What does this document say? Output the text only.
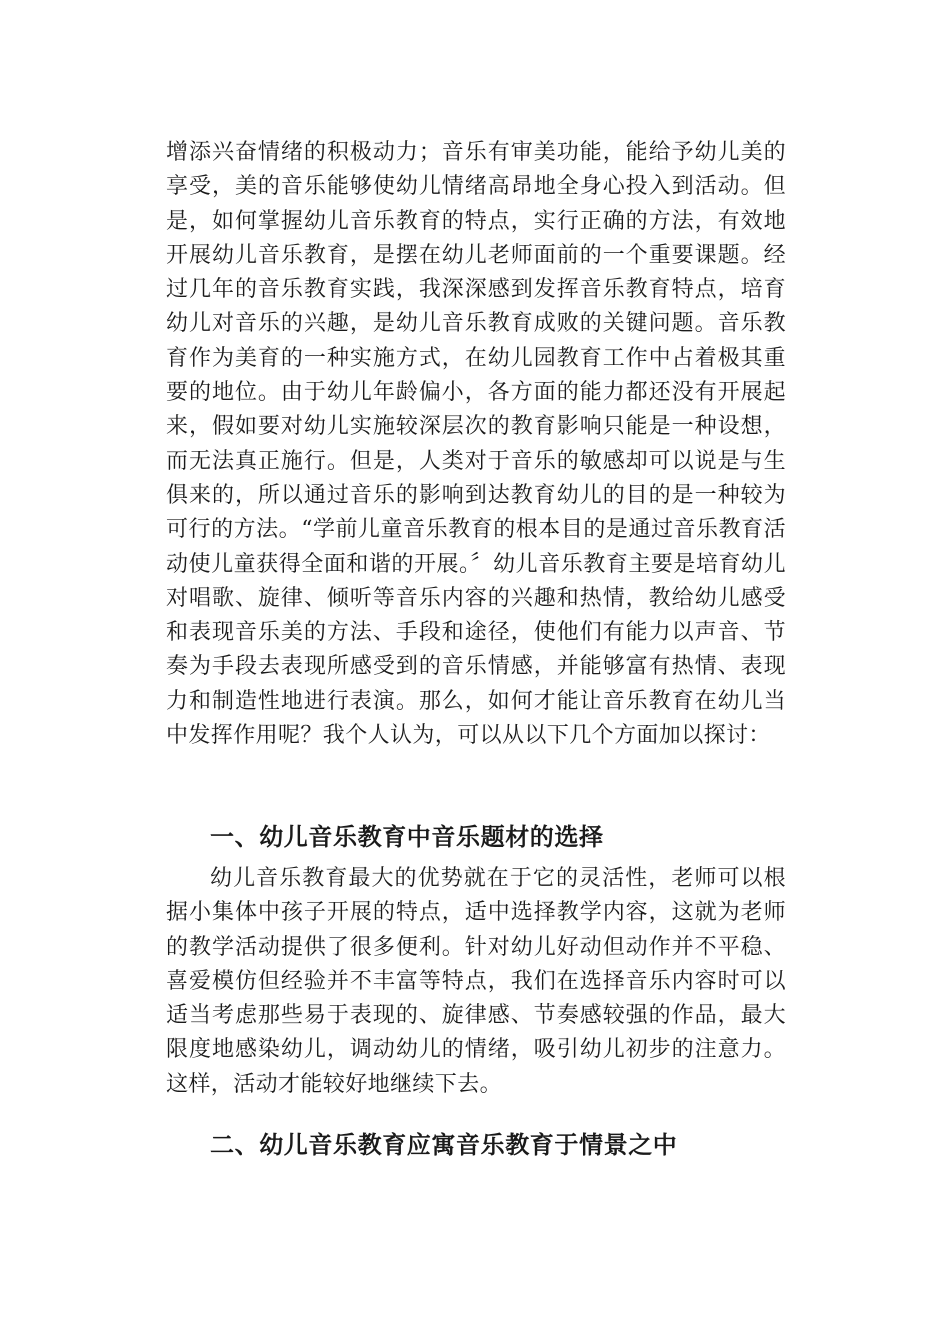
增添兴奋情绪的积极动力；音乐有审美功能，能给予幼儿美的享受，美的音乐能够使幼儿情绪高昂地全身心投入到活动。但是，如何掌握幼儿音乐教育的特点，实行正确的方法，有效地开展幼儿音乐教育，是摆在幼儿老师面前的一个重要课题。经过几年的音乐教育实践，我深深感到发挥音乐教育特点，培育幼儿对音乐的兴趣，是幼儿音乐教育成败的关键问题。音乐教育作为美育的一种实施方式，在幼儿园教育工作中占着极其重要的地位。由于幼儿年龄偏小，各方面的能力都还没有开展起来，假如要对幼儿实施较深层次的教育影响只能是一种设想，而无法真正施行。但是，人类对于音乐的敏感却可以说是与生俱来的，所以通过音乐的影响到达教育幼儿的目的是一种较为可行的方法。“学前儿童音乐教育的根本目的是通过音乐教育活动使儿童获得全面和谐的开展。〞幼儿音乐教育主要是培育幼儿对唱歌、旋律、倾听等音乐内容的兴趣和热情，教给幼儿感受和表现音乐美的方法、手段和途径，使他们有能力以声音、节奏为手段去表现所感受到的音乐情感，并能够富有热情、表现力和制造性地进行表演。那么，如何才能让音乐教育在幼儿当中发挥作用呢？我个人认为，可以从以下几个方面加以探讨：

一、幼儿音乐教育中音乐题材的选择

幼儿音乐教育最大的优势就在于它的灵活性，老师可以根据小集体中孩子开展的特点，适中选择教学内容，这就为老师的教学活动提供了很多便利。针对幼儿好动但动作并不平稳、喜爱模仿但经验并不丰富等特点，我们在选择音乐内容时可以适当考虑那些易于表现的、旋律感、节奏感较强的作品，最大限度地感染幼儿，调动幼儿的情绪，吸引幼儿初步的注意力。这样，活动才能较好地继续下去。

二、幼儿音乐教育应寓音乐教育于情景之中
